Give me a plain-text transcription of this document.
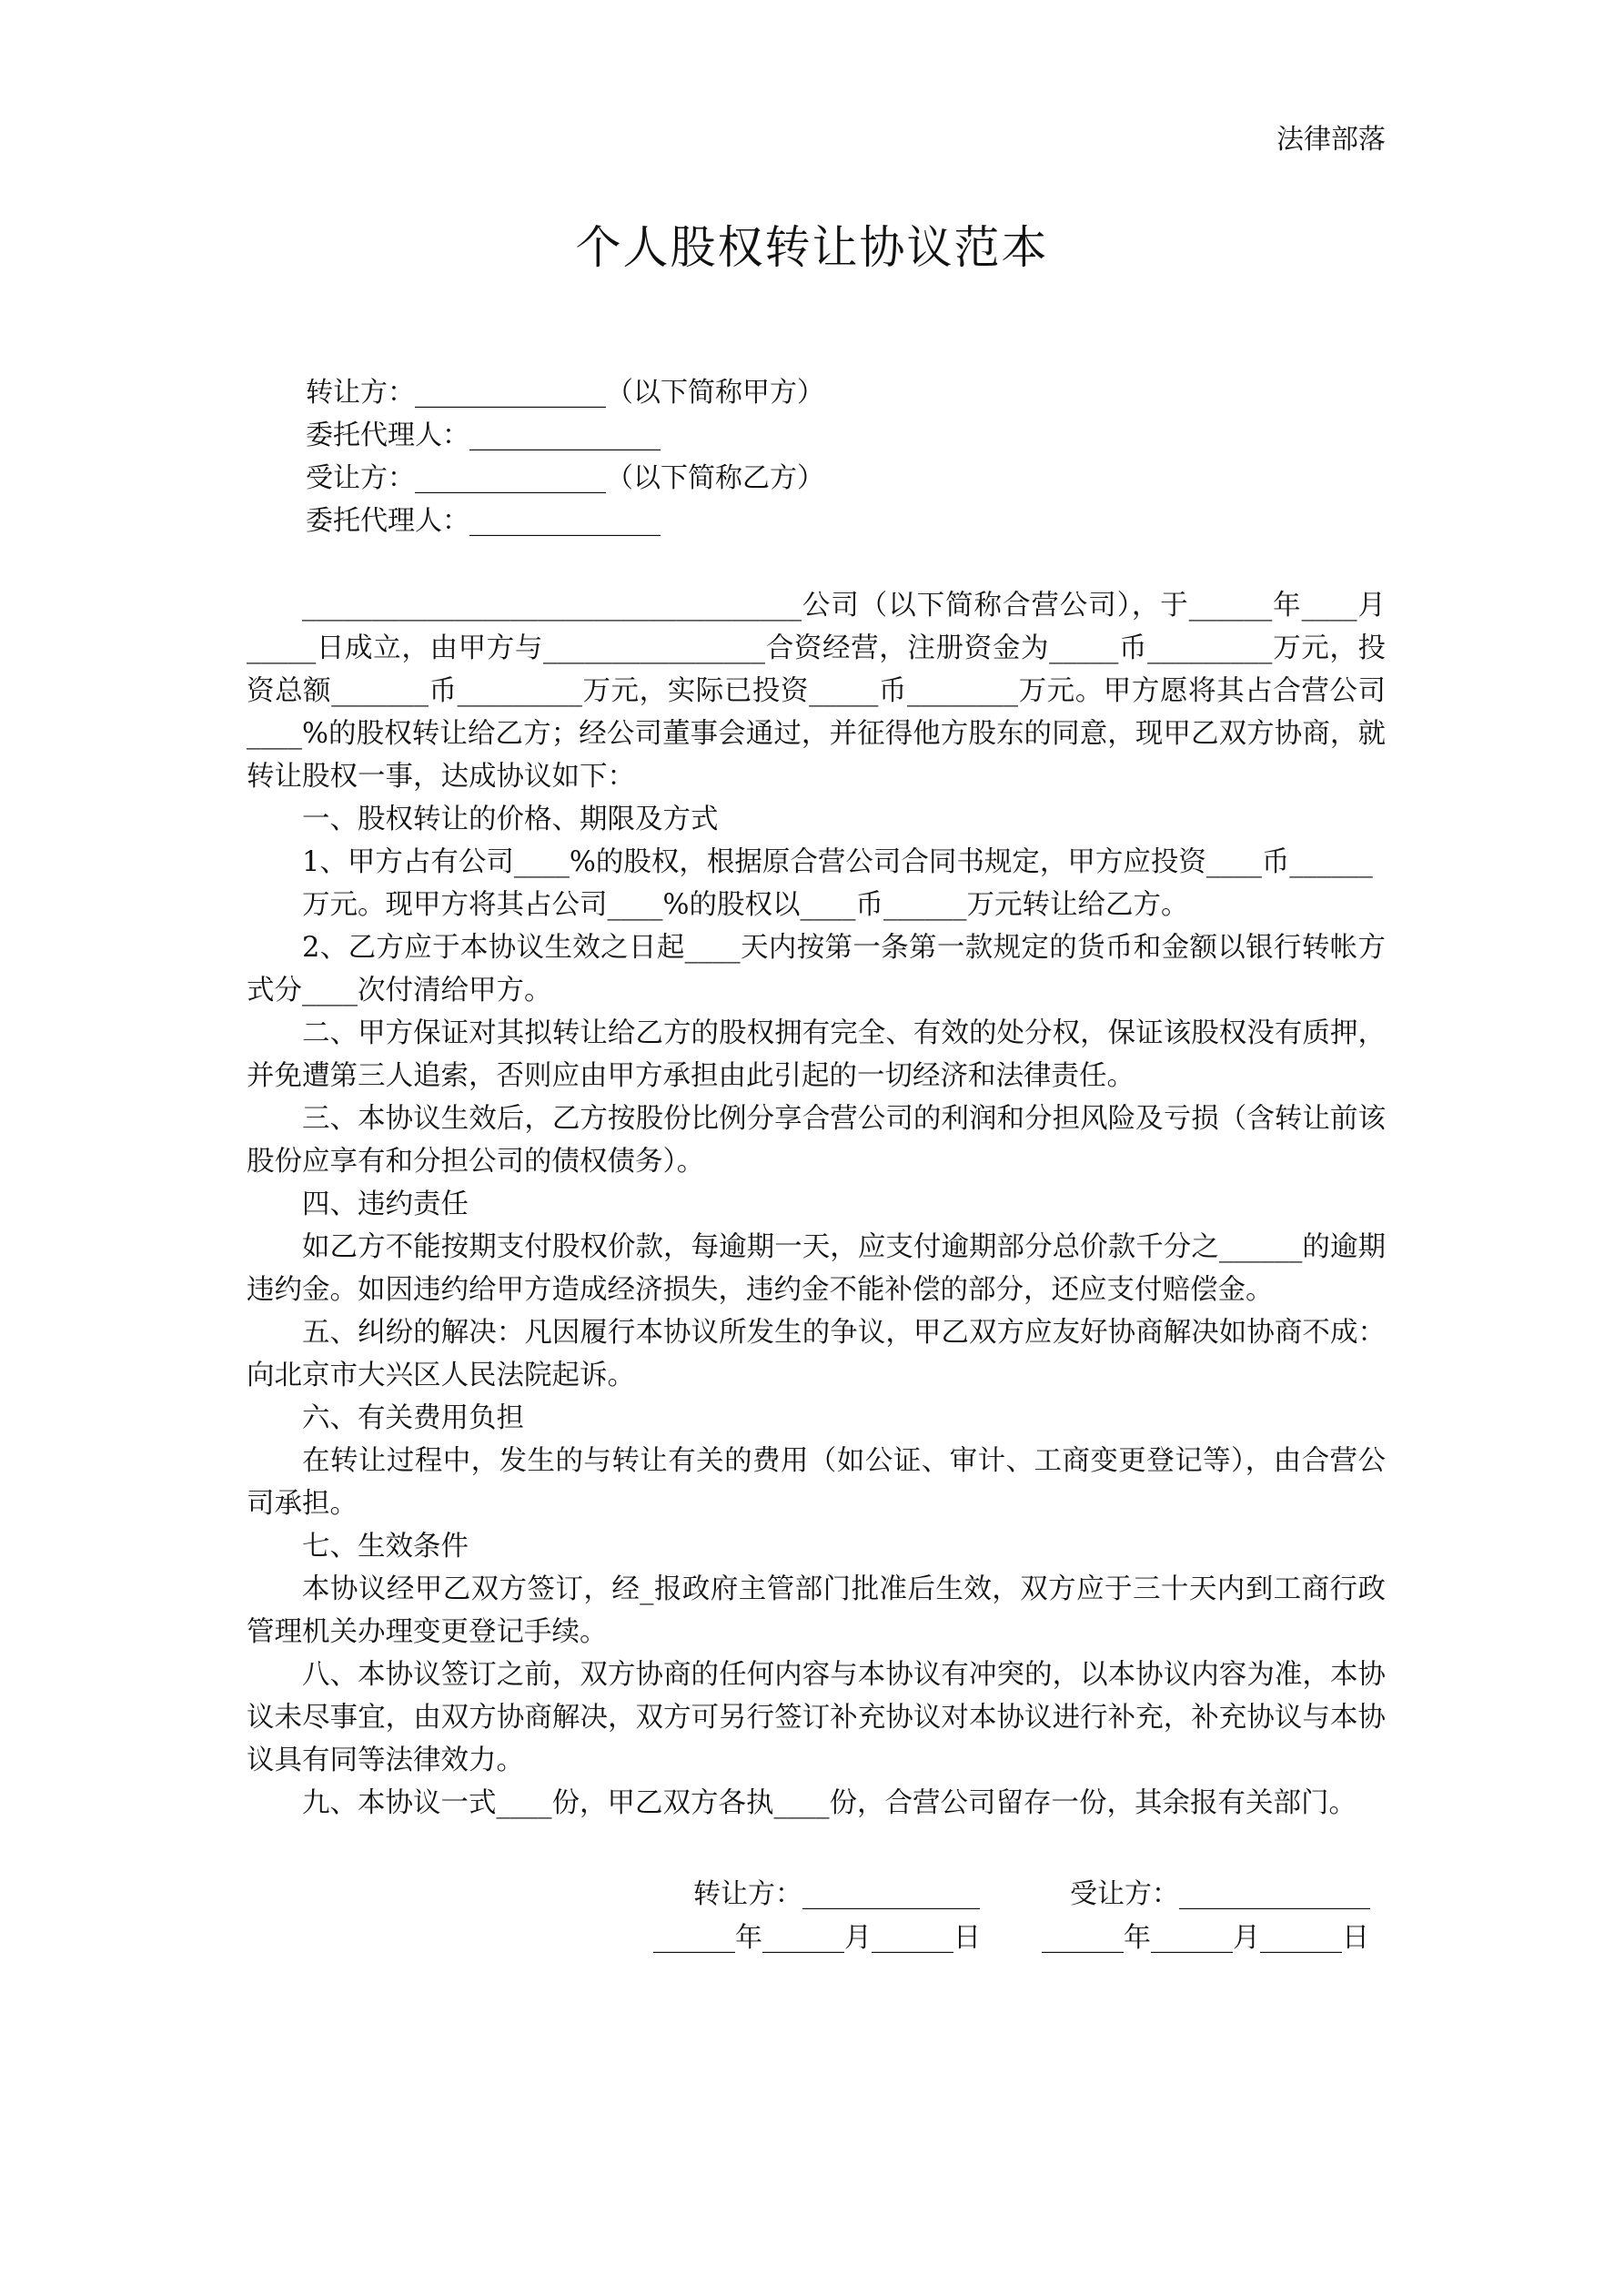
法律部落
个人股权转让协议范本
转让方：______________（以下简称甲方）
委托代理人：______________
受让方：______________（以下简称乙方）
委托代理人：______________

____________________________________公司（以下简称合营公司），于______年____月_____日成立，由甲方与________________合资经营，注册资金为_____币_________万元，投资总额_______币_________万元，实际已投资_____币________万元。甲方愿将其占合营公司____%的股权转让给乙方；经公司董事会通过，并征得他方股东的同意，现甲乙双方协商，就转让股权一事，达成协议如下：

一、股权转让的价格、期限及方式

1、甲方占有公司____%的股权，根据原合营公司合同书规定，甲方应投资____币______

万元。现甲方将其占公司____%的股权以____币______万元转让给乙方。

2、乙方应于本协议生效之日起____天内按第一条第一款规定的货币和金额以银行转帐方式分____次付清给甲方。

二、甲方保证对其拟转让给乙方的股权拥有完全、有效的处分权，保证该股权没有质押，并免遭第三人追索，否则应由甲方承担由此引起的一切经济和法律责任。

三、本协议生效后，乙方按股份比例分享合营公司的利润和分担风险及亏损（含转让前该股份应享有和分担公司的债权债务）。

四、违约责任

如乙方不能按期支付股权价款，每逾期一天，应支付逾期部分总价款千分之______的逾期违约金。如因违约给甲方造成经济损失，违约金不能补偿的部分，还应支付赔偿金。

五、纠纷的解决：凡因履行本协议所发生的争议，甲乙双方应友好协商解决如协商不成：向北京市大兴区人民法院起诉。

六、有关费用负担

在转让过程中，发生的与转让有关的费用（如公证、审计、工商变更登记等），由合营公司承担。

七、生效条件

本协议经甲乙双方签订，经_报政府主管部门批准后生效，双方应于三十天内到工商行政管理机关办理变更登记手续。

八、本协议签订之前，双方协商的任何内容与本协议有冲突的，以本协议内容为准，本协议未尽事宜，由双方协商解决，双方可另行签订补充协议对本协议进行补充，补充协议与本协议具有同等法律效力。

九、本协议一式____份，甲乙双方各执____份，合营公司留存一份，其余报有关部门。

转让方：_____________	受让方：______________
______年______月______日 ______年______月______日
